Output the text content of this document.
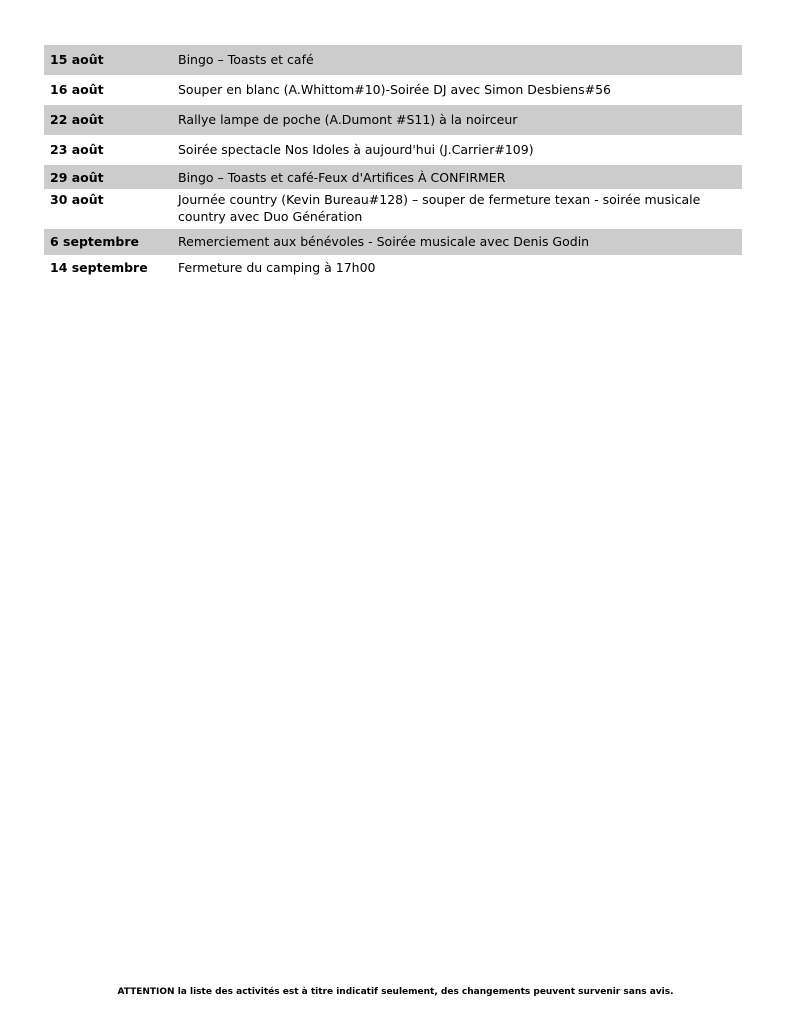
15 août	Bingo – Toasts et café
16 août	Souper en blanc (A.Whittom#10)-Soirée DJ avec Simon Desbiens#56
22 août	Rallye lampe de poche (A.Dumont #S11) à la noirceur
23 août	Soirée spectacle Nos Idoles à aujourd'hui (J.Carrier#109)
29 août	Bingo – Toasts et café-Feux d'Artifices À CONFIRMER
30 août	Journée country (Kevin Bureau#128) – souper de fermeture texan - soirée musicale country avec Duo Génération
6 septembre	Remerciement aux bénévoles - Soirée musicale avec Denis Godin
14 septembre	Fermeture du camping à 17h00
ATTENTION la liste des activités est à titre indicatif seulement, des changements peuvent survenir sans avis.
